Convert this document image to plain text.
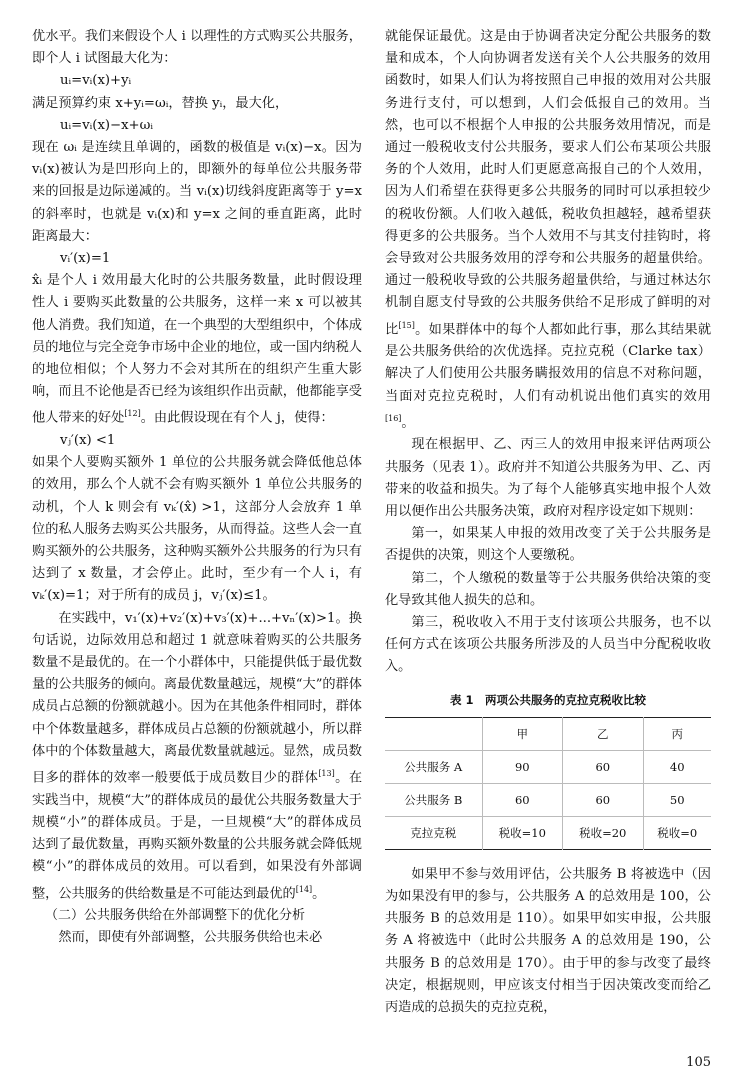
优水平。我们来假设个人 i 以理性的方式购买公共服务，即个人 i 试图最大化为：

uᵢ=vᵢ(x)+yᵢ

满足预算约束 x+yᵢ=ωᵢ，替换 yᵢ，最大化，

uᵢ=vᵢ(x)−x+ωᵢ

现在 ωᵢ 是连续且单调的，函数的极值是 vᵢ(x)−x。因为 vᵢ(x)被认为是凹形向上的，即额外的每单位公共服务带来的回报是边际递减的。当 vᵢ(x)切线斜度距离等于 y=x 的斜率时，也就是 vᵢ(x)和 y=x 之间的垂直距离，此时距离最大：

vᵢ′(x)=1

x̂ᵢ 是个人 i 效用最大化时的公共服务数量，此时假设理性人 i 要购买此数量的公共服务，这样一来 x 可以被其他人消费。我们知道，在一个典型的大型组织中，个体成员的地位与完全竞争市场中企业的地位，或一国内纳税人的地位相似；个人努力不会对其所在的组织产生重大影响，而且不论他是否已经为该组织作出贡献，他都能享受他人带来的好处[12]。由此假设现在有个人 j，使得：

vⱼ′(x) <1

如果个人要购买额外 1 单位的公共服务就会降低他总体的效用，那么个人就不会有购买额外 1 单位公共服务的动机，个人 k 则会有 vₖ′(x̂) >1，这部分人会放弃 1 单位的私人服务去购买公共服务，从而得益。这些人会一直购买额外的公共服务，这种购买额外公共服务的行为只有达到了 x 数量，才会停止。此时，至少有一个人 i，有 vₖ′(x)=1；对于所有的成员 j，vⱼ′(x)≤1。

在实践中，v₁′(x)+v₂′(x)+v₃′(x)+...+vₙ′(x)>1。换句话说，边际效用总和超过 1 就意味着购买的公共服务数量不是最优的。在一个小群体中，只能提供低于最优数量的公共服务的倾向。离最优数量越远，规模“大”的群体成员占总额的份额就越小。因为在其他条件相同时，群体中个体数量越多，群体成员占总额的份额就越小，所以群体中的个体数量越大，离最优数量就越远。显然，成员数目多的群体的效率一般要低于成员数目少的群体[13]。在实践当中，规模“大”的群体成员的最优公共服务数量大于规模“小”的群体成员。于是，一旦规模“大”的群体成员达到了最优数量，再购买额外数量的公共服务就会降低规模“小”的群体成员的效用。可以看到，如果没有外部调整，公共服务的供给数量是不可能达到最优的[14]。

（二）公共服务供给在外部调整下的优化分析

然而，即使有外部调整，公共服务供给也未必

就能保证最优。这是由于协调者决定分配公共服务的数量和成本，个人向协调者发送有关个人公共服务的效用函数时，如果人们认为将按照自己申报的效用对公共服务进行支付，可以想到，人们会低报自己的效用。当然，也可以不根据个人申报的公共服务效用情况，而是通过一般税收支付公共服务，要求人们公布某项公共服务的个人效用，此时人们更愿意高报自己的个人效用，因为人们希望在获得更多公共服务的同时可以承担较少的税收份额。人们收入越低，税收负担越轻，越希望获得更多的公共服务。当个人效用不与其支付挂钩时，将会导致对公共服务效用的浮夸和公共服务的超量供给。通过一般税收导致的公共服务超量供给，与通过林达尔机制自愿支付导致的公共服务供给不足形成了鲜明的对比[15]。如果群体中的每个人都如此行事，那么其结果就是公共服务供给的次优选择。克拉克税（Clarke tax）解决了人们使用公共服务瞒报效用的信息不对称问题，当面对克拉克税时，人们有动机说出他们真实的效用[16]。

现在根据甲、乙、丙三人的效用申报来评估两项公共服务（见表 1）。政府并不知道公共服务为甲、乙、丙带来的收益和损失。为了每个人能够真实地申报个人效用以便作出公共服务决策，政府对程序设定如下规则：

第一，如果某人申报的效用改变了关于公共服务是否提供的决策，则这个人要缴税。

第二，个人缴税的数量等于公共服务供给决策的变化导致其他人损失的总和。

第三，税收收入不用于支付该项公共服务，也不以任何方式在该项公共服务所涉及的人员当中分配税收收入。

表 1　两项公共服务的克拉克税收比较

	甲	乙	丙
公共服务 A	90	60	40
公共服务 B	60	60	50
克拉克税	税收=10	税收=20	税收=0

如果甲不参与效用评估，公共服务 B 将被选中（因为如果没有甲的参与，公共服务 A 的总效用是 100，公共服务 B 的总效用是 110）。如果甲如实申报，公共服务 A 将被选中（此时公共服务 A 的总效用是 190，公共服务 B 的总效用是 170）。由于甲的参与改变了最终决定，根据规则，甲应该支付相当于因决策改变而给乙丙造成的总损失的克拉克税，

105
